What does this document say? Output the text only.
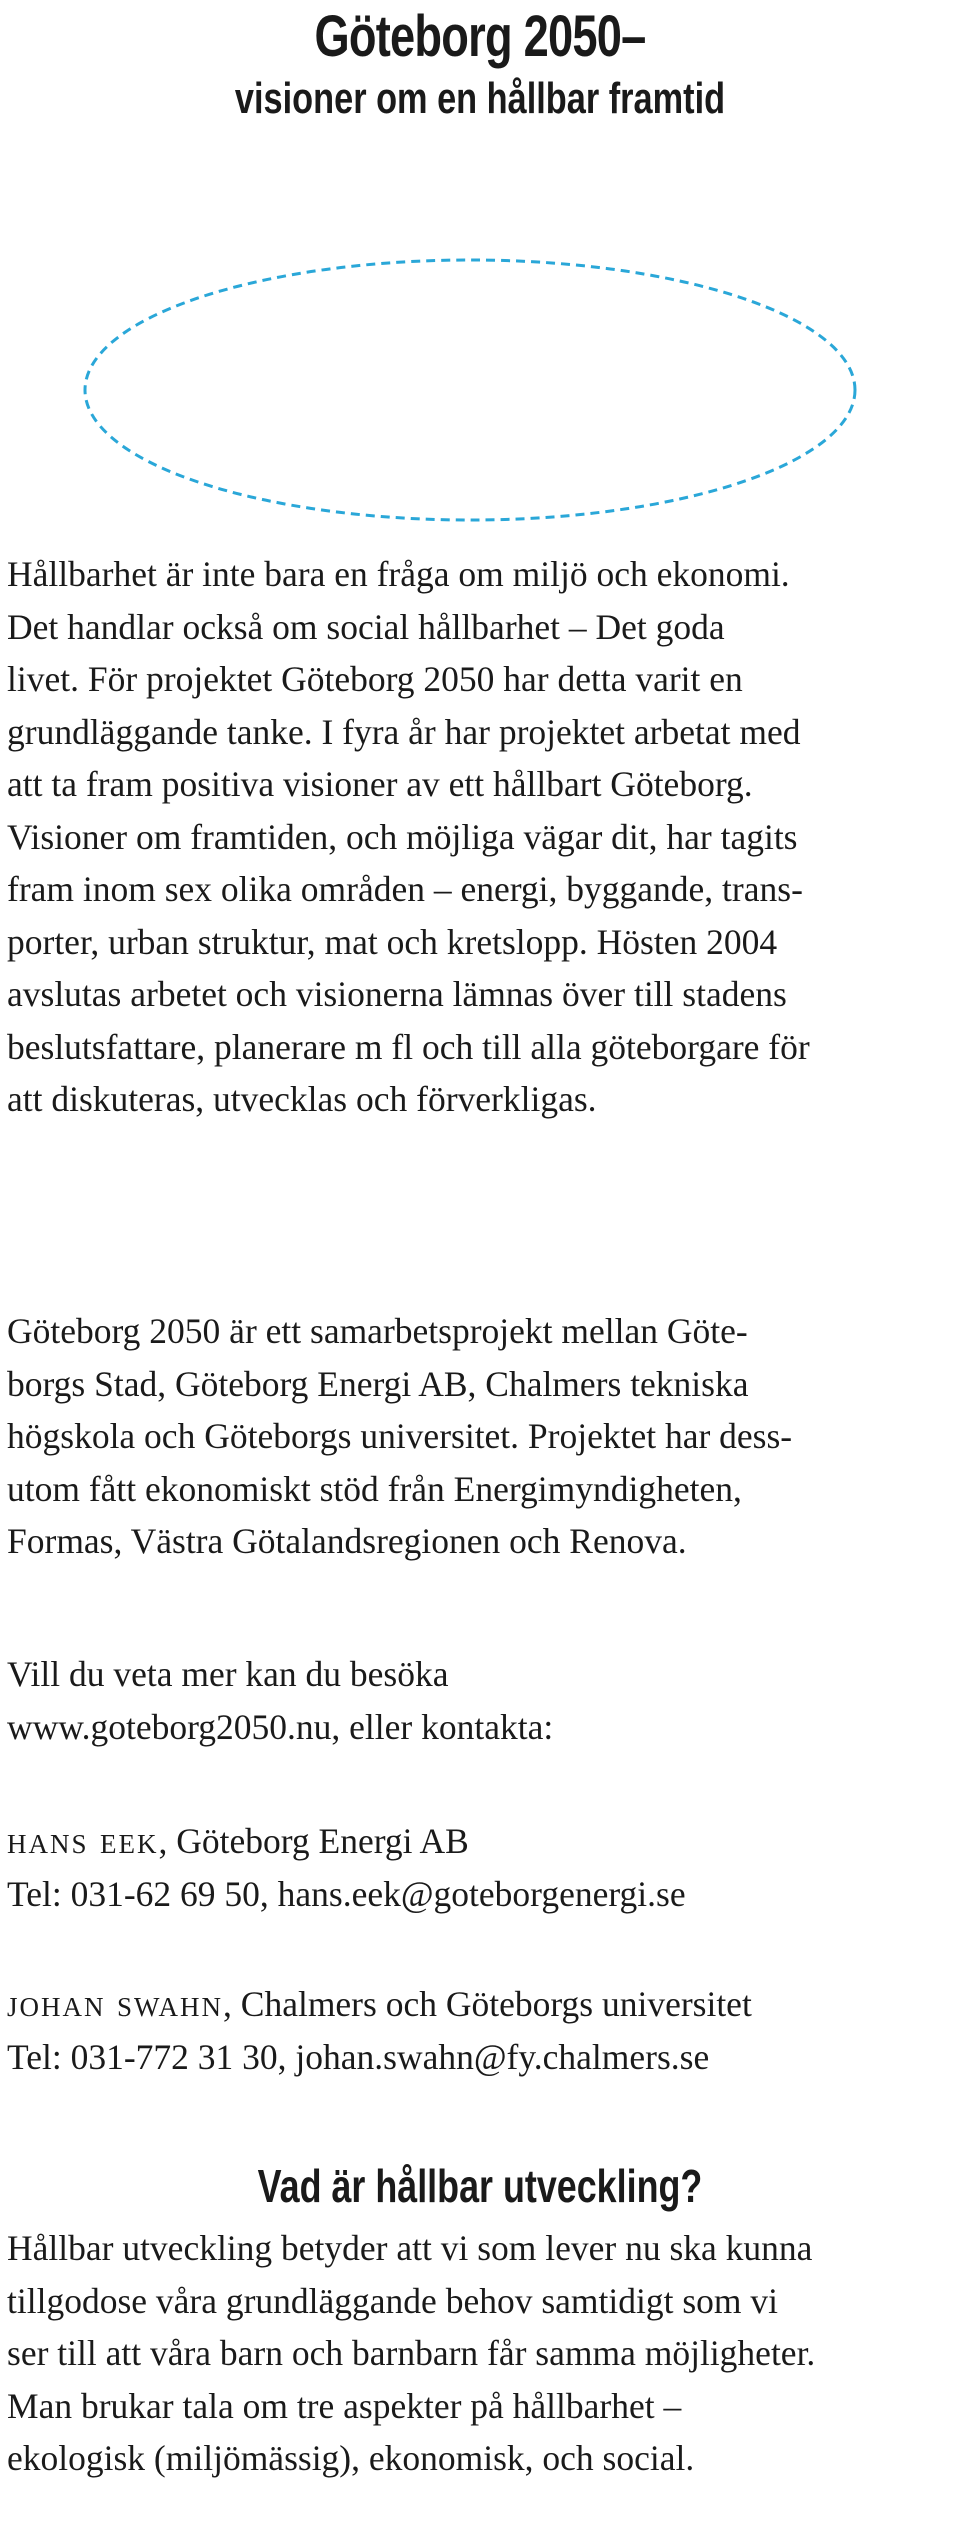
Göteborg 2050–
visioner om en hållbar framtid
Hållbarhet är inte bara en fråga om miljö och ekonomi.
Det handlar också om social hållbarhet – Det goda
livet. För projektet Göteborg 2050 har detta varit en
grundläggande tanke. I fyra år har projektet arbetat med
att ta fram positiva visioner av ett hållbart Göteborg.
Visioner om framtiden, och möjliga vägar dit, har tagits
fram inom sex olika områden – energi, byggande, trans-
porter, urban struktur, mat och kretslopp. Hösten 2004
avslutas arbetet och visionerna lämnas över till stadens
beslutsfattare, planerare m fl och till alla göteborgare för
att diskuteras, utvecklas och förverkligas.
Göteborg 2050 är ett samarbetsprojekt mellan Göte-
borgs Stad, Göteborg Energi AB, Chalmers tekniska
högskola och Göteborgs universitet. Projektet har dess-
utom fått ekonomiskt stöd från Energimyndigheten,
Formas, Västra Götalandsregionen och Renova.
Vill du veta mer kan du besöka
www.goteborg2050.nu, eller kontakta:
hans eek, Göteborg Energi AB
Tel: 031-62 69 50, hans.eek@goteborgenergi.se
johan swahn, Chalmers och Göteborgs universitet
Tel: 031-772 31 30, johan.swahn@fy.chalmers.se
Vad är hållbar utveckling?
Hållbar utveckling betyder att vi som lever nu ska kunna
tillgodose våra grundläggande behov samtidigt som vi
ser till att våra barn och barnbarn får samma möjligheter.
Man brukar tala om tre aspekter på hållbarhet –
ekologisk (miljömässig), ekonomisk, och social.
